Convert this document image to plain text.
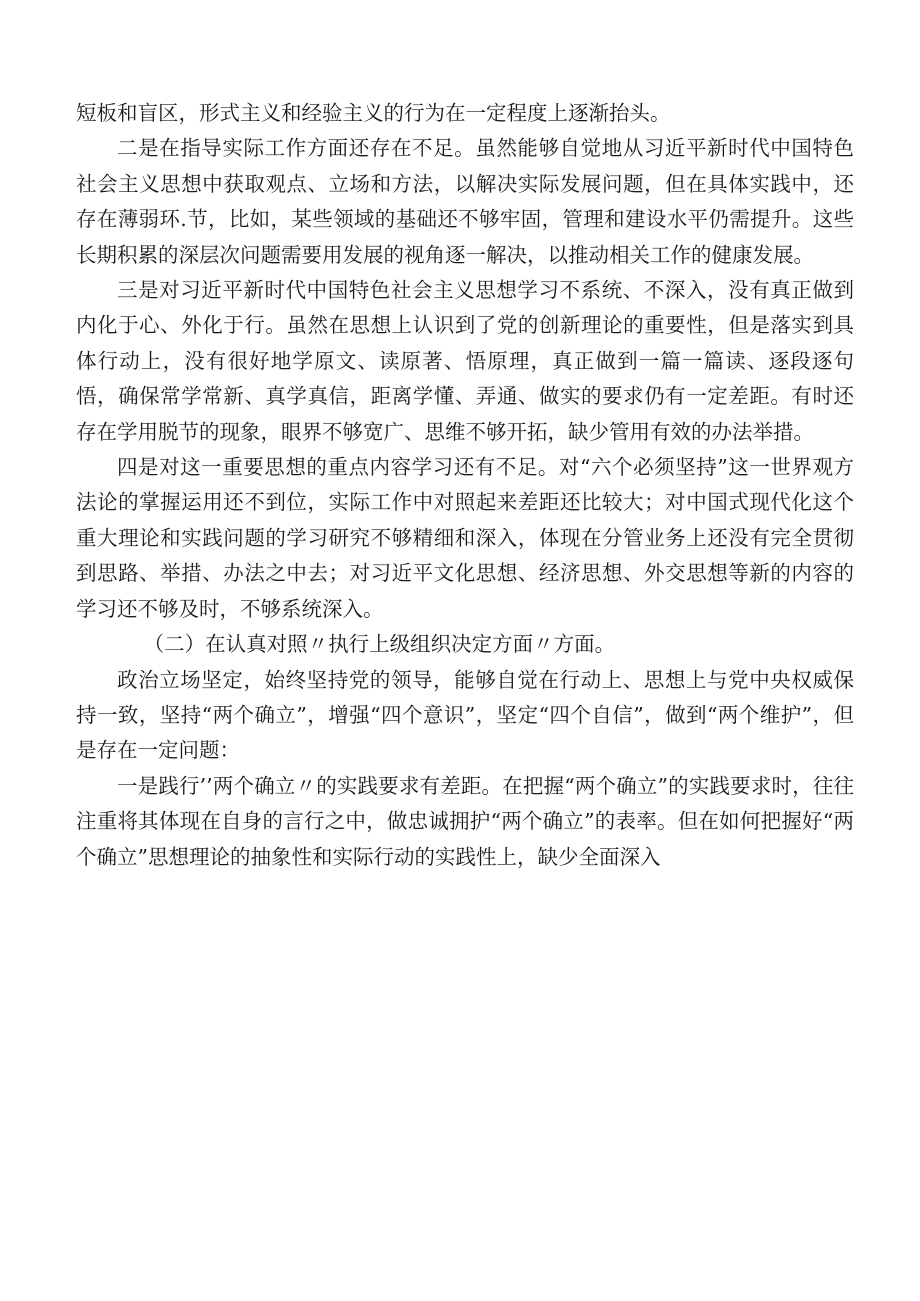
短板和盲区，形式主义和经验主义的行为在一定程度上逐渐抬头。

二是在指导实际工作方面还存在不足。虽然能够自觉地从习近平新时代中国特色社会主义思想中获取观点、立场和方法，以解决实际发展问题，但在具体实践中，还存在薄弱环.节，比如，某些领域的基础还不够牢固，管理和建设水平仍需提升。这些长期积累的深层次问题需要用发展的视角逐一解决，以推动相关工作的健康发展。

三是对习近平新时代中国特色社会主义思想学习不系统、不深入，没有真正做到内化于心、外化于行。虽然在思想上认识到了党的创新理论的重要性，但是落实到具体行动上，没有很好地学原文、读原著、悟原理，真正做到一篇一篇读、逐段逐句悟，确保常学常新、真学真信，距离学懂、弄通、做实的要求仍有一定差距。有时还存在学用脱节的现象，眼界不够宽广、思维不够开拓，缺少管用有效的办法举措。

四是对这一重要思想的重点内容学习还有不足。对“六个必须坚持”这一世界观方法论的掌握运用还不到位，实际工作中对照起来差距还比较大；对中国式现代化这个重大理论和实践问题的学习研究不够精细和深入，体现在分管业务上还没有完全贯彻到思路、举措、办法之中去；对习近平文化思想、经济思想、外交思想等新的内容的学习还不够及时，不够系统深入。

（二）在认真对照〃执行上级组织决定方面〃方面。

政治立场坚定，始终坚持党的领导，能够自觉在行动上、思想上与党中央权威保持一致，坚持“两个确立”，增强“四个意识”，坚定“四个自信”，做到“两个维护”，但是存在一定问题：

一是践行’’两个确立〃的实践要求有差距。在把握“两个确立”的实践要求时，往往注重将其体现在自身的言行之中，做忠诚拥护“两个确立”的表率。但在如何把握好“两个确立”思想理论的抽象性和实际行动的实践性上，缺少全面深入
